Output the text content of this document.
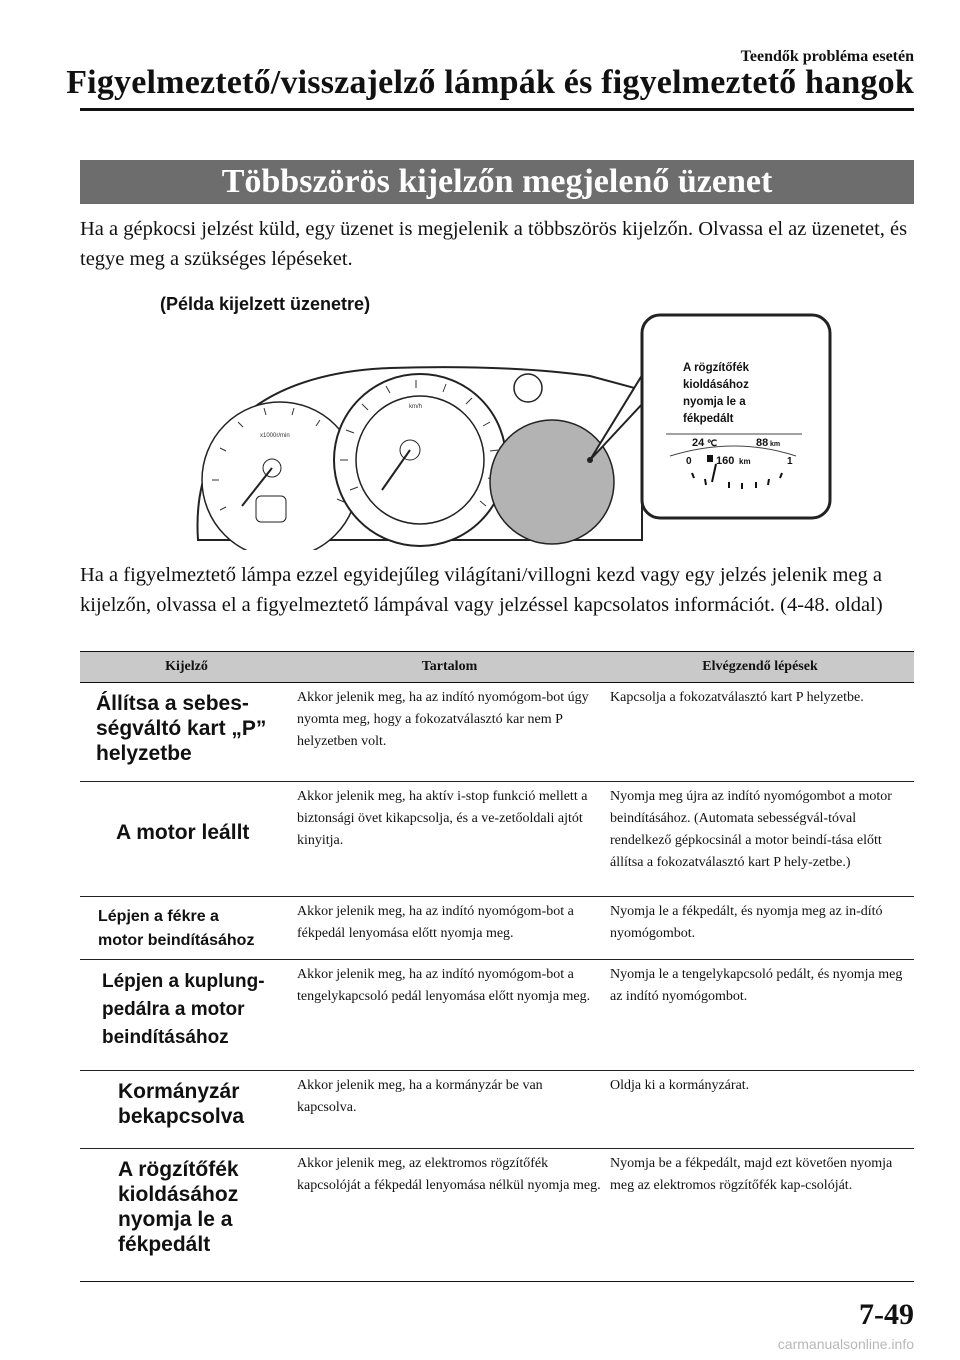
Teendők probléma esetén
Figyelmeztető/visszajelző lámpák és figyelmeztető hangok
Többszörös kijelzőn megjelenő üzenet
Ha a gépkocsi jelzést küld, egy üzenet is megjelenik a többszörös kijelzőn. Olvassa el az üzenetet, és tegye meg a szükséges lépéseket.
(Példa kijelzett üzenetre)
x1000r/min
km/h
A rögzítőfék
kioldásához
nyomja le a
fékpedált
24 ℃	88 km
0	1
160 km
Ha a figyelmeztető lámpa ezzel egyidejűleg világítani/villogni kezd vagy egy jelzés jelenik meg a kijelzőn, olvassa el a figyelmeztető lámpával vagy jelzéssel kapcsolatos információt. (4-48. oldal)
Kijelző	Tartalom	Elvégzendő lépések

Állítsa a sebes-
ségváltó kart „P”
helyzetbe	Akkor jelenik meg, ha az indító nyomógom-bot úgy nyomta meg, hogy a fokozatválasztó kar nem P helyzetben volt.	Kapcsolja a fokozatválasztó kart P helyzetbe.

A motor leállt	Akkor jelenik meg, ha aktív i-stop funkció mellett a biztonsági övet kikapcsolja, és a ve-zetőoldali ajtót kinyitja.	Nyomja meg újra az indító nyomógombot a motor beindításához. (Automata sebességvál-tóval rendelkező gépkocsinál a motor beindí-tása előtt állítsa a fokozatválasztó kart P hely-zetbe.)

Lépjen a fékre a
motor beindításához	Akkor jelenik meg, ha az indító nyomógom-bot a fékpedál lenyomása előtt nyomja meg.	Nyomja le a fékpedált, és nyomja meg az in-dító nyomógombot.

Lépjen a kuplung-
pedálra a motor
beindításához	Akkor jelenik meg, ha az indító nyomógom-bot a tengelykapcsoló pedál lenyomása előtt nyomja meg.	Nyomja le a tengelykapcsoló pedált, és nyomja meg az indító nyomógombot.

Kormányzár
bekapcsolva	Akkor jelenik meg, ha a kormányzár be van kapcsolva.	Oldja ki a kormányzárat.

A rögzítőfék
kioldásához
nyomja le a
fékpedált	Akkor jelenik meg, az elektromos rögzítőfék kapcsolóját a fékpedál lenyomása nélkül nyomja meg.	Nyomja be a fékpedált, majd ezt követően nyomja meg az elektromos rögzítőfék kap-csolóját.
7-49
carmanualsonline.info
